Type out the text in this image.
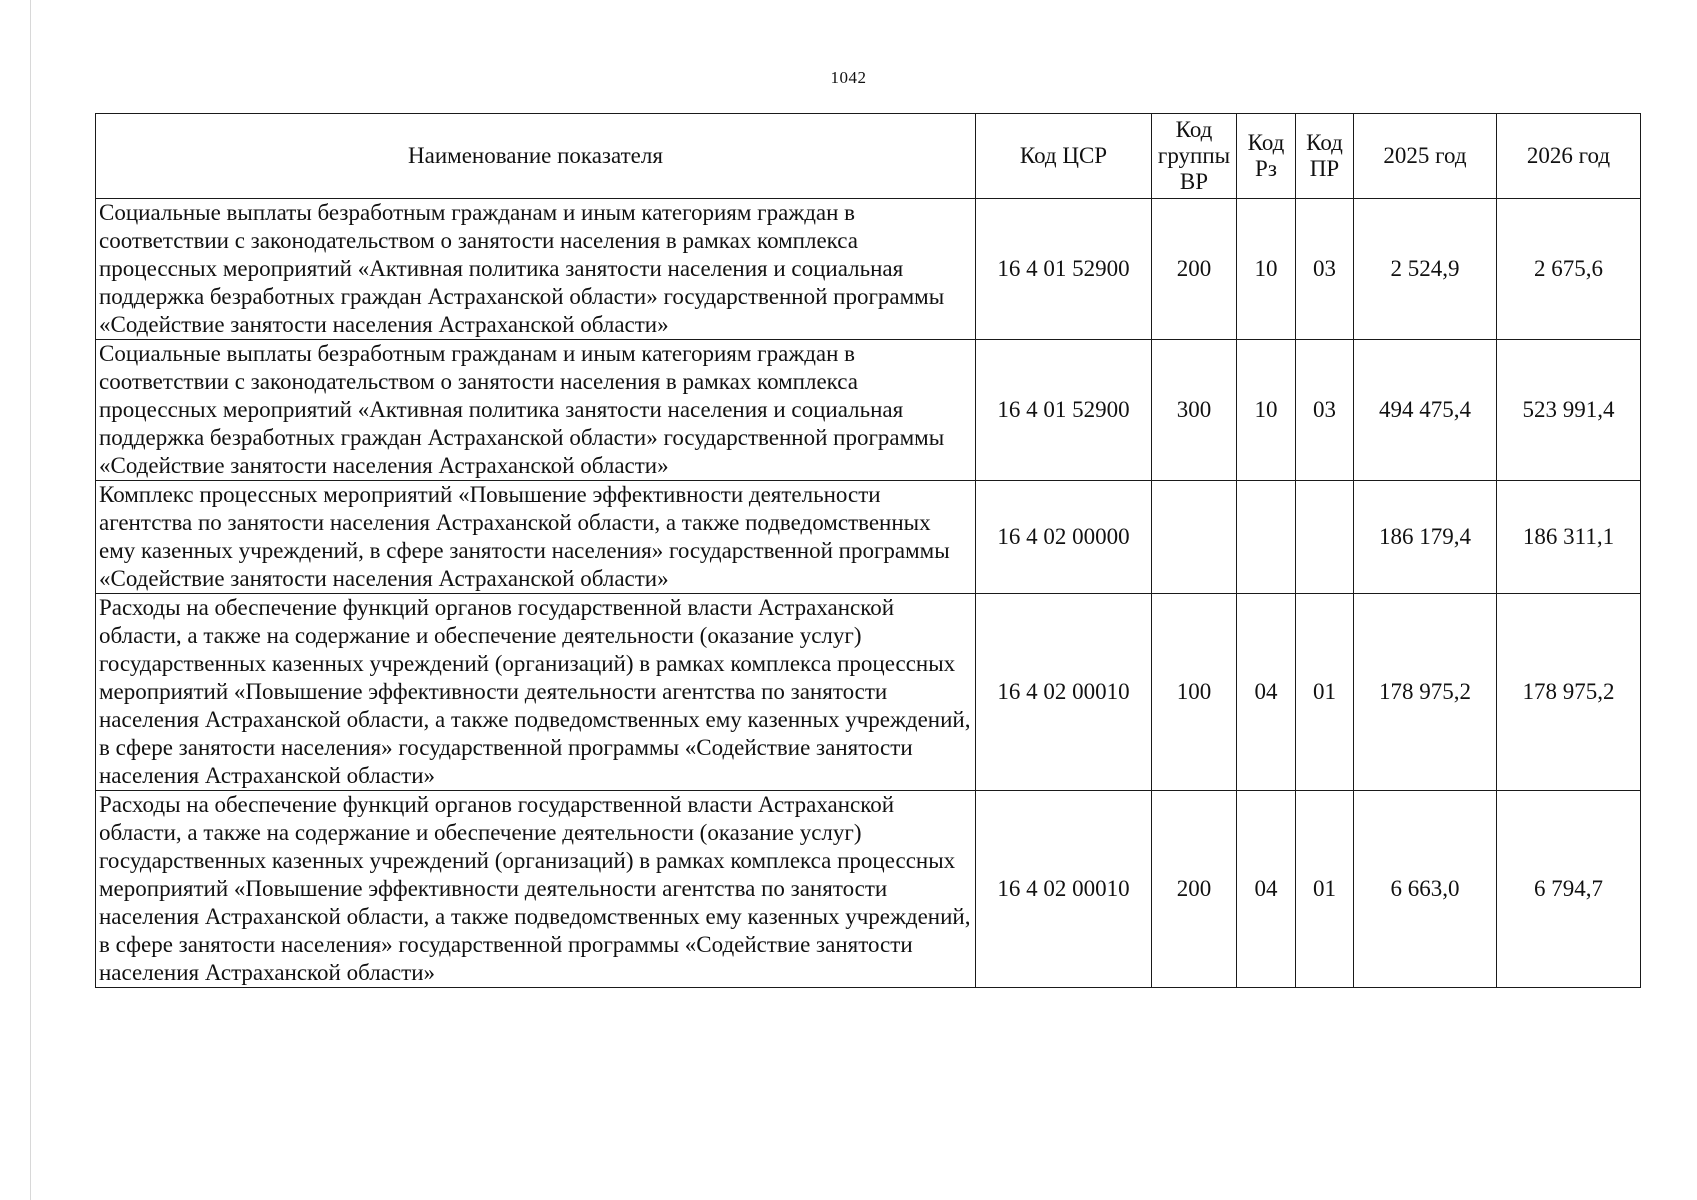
1042
Наименование показателя	Код ЦСР	Код группы ВР	Код Рз	Код ПР	2025 год	2026 год
Социальные выплаты безработным гражданам и иным категориям граждан в соответствии с законодательством о занятости населения в рамках комплекса процессных мероприятий «Активная политика занятости населения и социальная поддержка безработных граждан Астраханской области» государственной программы «Содействие занятости населения Астраханской области»	16 4 01 52900	200	10	03	2 524,9	2 675,6
Социальные выплаты безработным гражданам и иным категориям граждан в соответствии с законодательством о занятости населения в рамках комплекса процессных мероприятий «Активная политика занятости населения и социальная поддержка безработных граждан Астраханской области» государственной программы «Содействие занятости населения Астраханской области»	16 4 01 52900	300	10	03	494 475,4	523 991,4
Комплекс процессных мероприятий «Повышение эффективности деятельности агентства по занятости населения Астраханской области, а также подведомственных ему казенных учреждений, в сфере занятости населения» государственной программы «Содействие занятости населения Астраханской области»	16 4 02 00000				186 179,4	186 311,1
Расходы на обеспечение функций органов государственной власти Астраханской области, а также на содержание и обеспечение деятельности (оказание услуг) государственных казенных учреждений (организаций) в рамках комплекса процессных мероприятий «Повышение эффективности деятельности агентства по занятости населения Астраханской области, а также подведомственных ему казенных учреждений, в сфере занятости населения» государственной программы «Содействие занятости населения Астраханской области»	16 4 02 00010	100	04	01	178 975,2	178 975,2
Расходы на обеспечение функций органов государственной власти Астраханской области, а также на содержание и обеспечение деятельности (оказание услуг) государственных казенных учреждений (организаций) в рамках комплекса процессных мероприятий «Повышение эффективности деятельности агентства по занятости населения Астраханской области, а также подведомственных ему казенных учреждений, в сфере занятости населения» государственной программы «Содействие занятости населения Астраханской области»	16 4 02 00010	200	04	01	6 663,0	6 794,7
